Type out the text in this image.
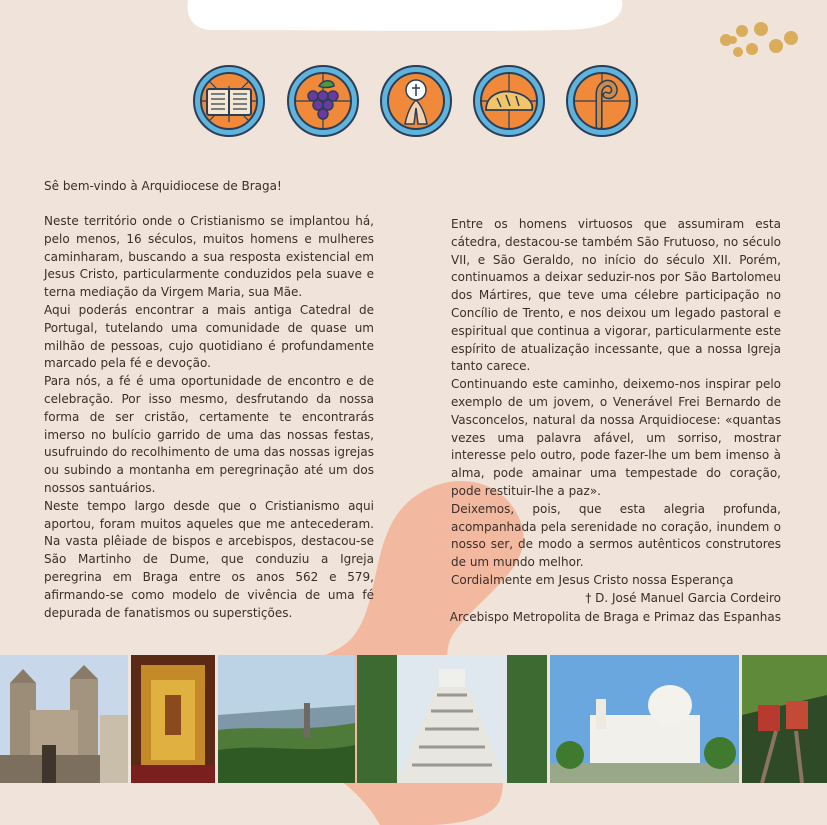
Sê bem-vindo à Arquidiocese de Braga!

Neste território onde o Cristianismo se implantou há, pelo menos, 16 séculos, muitos homens e mulheres caminharam, buscando a sua resposta existencial em Jesus Cristo, particularmente conduzidos pela suave e terna mediação da Virgem Maria, sua Mãe.

Aqui poderás encontrar a mais antiga Catedral de Portugal, tutelando uma comunidade de quase um milhão de pessoas, cujo quotidiano é profundamente marcado pela fé e devoção.

Para nós, a fé é uma oportunidade de encontro e de celebração. Por isso mesmo, desfrutando da nossa forma de ser cristão, certamente te encontrarás imerso no bulício garrido de uma das nossas festas, usufruindo do recolhimento de uma das nossas igrejas ou subindo a montanha em peregrinação até um dos nossos santuários.

Neste tempo largo desde que o Cristianismo aqui aportou, foram muitos aqueles que me antecederam. Na vasta plêiade de bispos e arcebispos, destacou-se São Martinho de Dume, que conduziu a Igreja peregrina em Braga entre os anos 562 e 579, afirmando-se como modelo de vivência de uma fé depurada de fanatismos ou superstições.

Entre os homens virtuosos que assumiram esta cátedra, destacou-se também São Frutuoso, no século VII, e São Geraldo, no início do século XII. Porém, continuamos a deixar seduzir-nos por São Bartolomeu dos Mártires, que teve uma célebre participação no Concílio de Trento, e nos deixou um legado pastoral e espiritual que continua a vigorar, particularmente este espírito de atualização incessante, que a nossa Igreja tanto carece.

Continuando este caminho, deixemo-nos inspirar pelo exemplo de um jovem, o Venerável Frei Bernardo de Vasconcelos, natural da nossa Arquidiocese: «quantas vezes uma palavra afável, um sorriso, mostrar interesse pelo outro, pode fazer-lhe um bem imenso à alma, pode amainar uma tempestade do coração, pode restituir-lhe a paz».

Deixemos, pois, que esta alegria profunda, acompanhada pela serenidade no coração, inundem o nosso ser, de modo a sermos autênticos construtores de um mundo melhor.

Cordialmente em Jesus Cristo nossa Esperança

† D. José Manuel Garcia Cordeiro
Arcebispo Metropolita de Braga e Primaz das Espanhas
